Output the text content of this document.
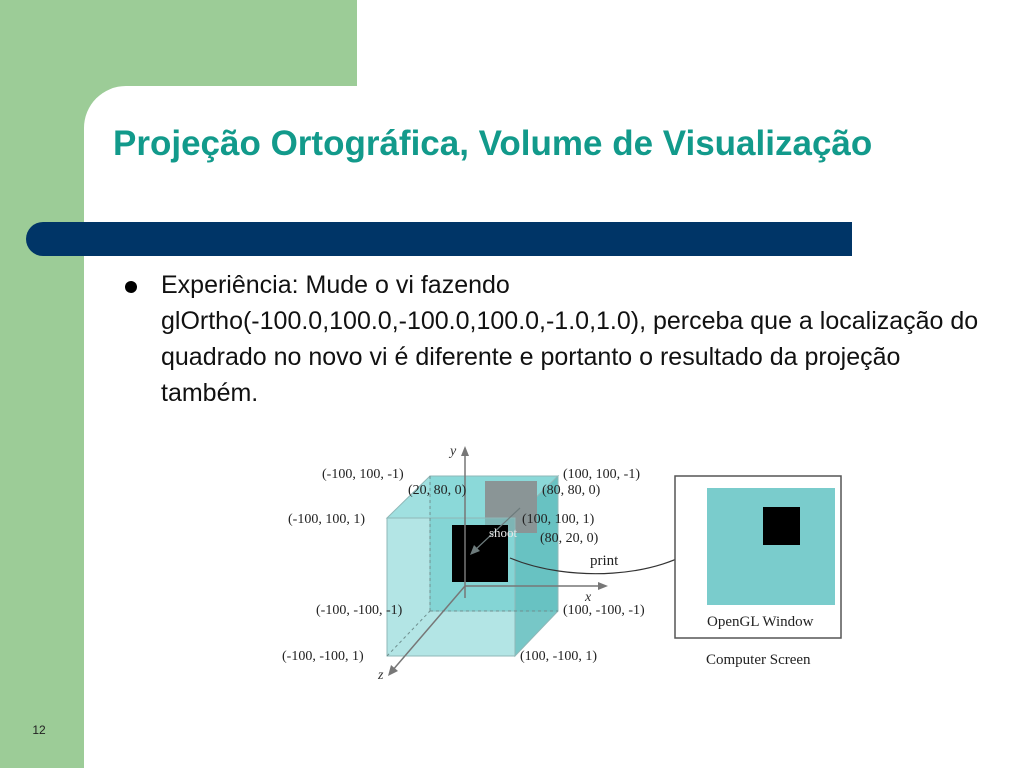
Projeção Ortográfica, Volume de Visualização

Experiência: Mude o vi fazendo glOrtho(-100.0,100.0,-100.0,100.0,-1.0,1.0), perceba que a localização do quadrado no novo vi é diferente e portanto o resultado da projeção também.

shoot
print
y
x
z
(-100, 100, -1)	(100, 100, -1)
(20, 80, 0)	(80, 80, 0)
(-100, 100, 1)	(100, 100, 1)
(80, 20, 0)
(-100, -100, -1)	(100, -100, -1)
(-100, -100, 1)	(100, -100, 1)
OpenGL Window
Computer Screen
12
